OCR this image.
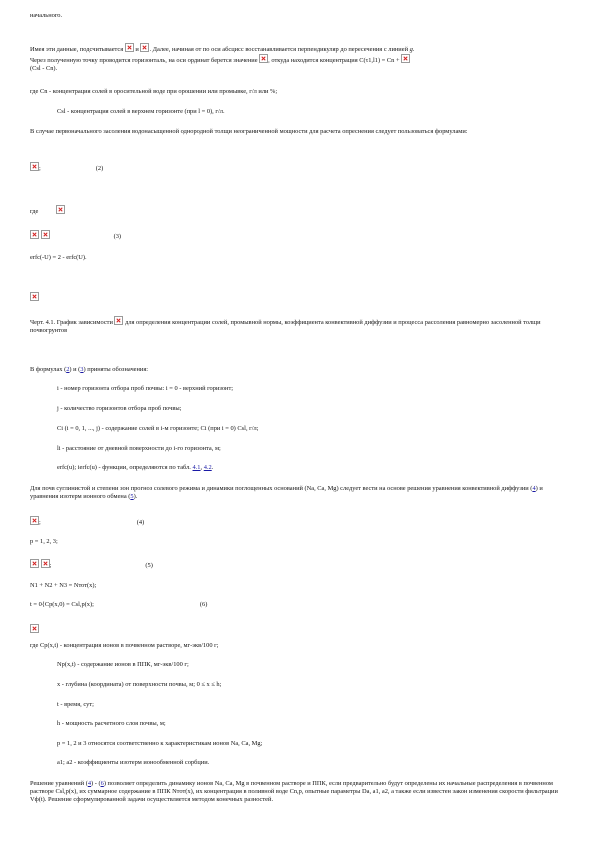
начального.
Имея эти данные, подсчитывается  и . Далее, начиная от по оси абсцисс восстанавливается перпендикуляр до пересечения с линией g.
Через полученную точку проводится горизонталь, на оси ординат берется значение , откуда находится концентрация C(τ1,l1) = Cn +
(Csl - Cn).
где Cn - концентрация солей в оросительной воде при орошении или промывке, г/л или %;
Csl - концентрация солей в верхнем горизонте (при l = 0), г/л.
В случае первоначального засоления водонасыщенной однородной толщи неограниченной мощности для расчета опреснения следует пользоваться формулами:
;	(2)
где
(3)
erfc(-U) = 2 - erfc(U).
Черт. 4.1. График зависимости  для определения концентрации солей, промывной нормы, коэффициента конвективной диффузии и процесса рассоления равномерно засоленной толщи почвогрунтов
В формулах (2) и (3) приняты обозначения:
i - номер горизонта отбора проб почвы: i = 0 - верхний горизонт;
j - количество горизонтов отбора проб почвы;
Ci (i = 0, 1, ..., j) - содержание солей в i-м горизонте; Ci (при i = 0) Csl, г/л;
li - расстояние от дневной поверхности до i-го горизонта, м;
erfc(u); ierfc(u) - функции, определяются по табл. 4.1, 4.2.
Для почв суглинистой и степени зон прогноз солевого режима и динамики поглощенных оснований (Na, Ca, Mg) следует вести на основе решения уравнения конвективной диффузии (4) и уравнения изотерм ионного обмена (5).
;	(4)
p = 1, 2, 3;
;	(5)
N1 + N2 + N3 = Nтот(x);
t = 0{Cp(x,0) = Csl,p(x);	(6)
где Cp(x,t) - концентрация ионов в почвенном растворе, мг-экв/100 г;
Np(x,t) - содержание ионов в ППК, мг-экв/100 г;
x - глубина (координата) от поверхности почвы, м; 0 ≤ x ≤ h;
t - время, сут;
h - мощность расчетного слоя почвы, м;
p = 1, 2 и 3 относятся соответственно к характеристикам ионов Na, Ca, Mg;
a1; a2 - коэффициенты изотерм ионообменной сорбции.
Решение уравнений (4) - (6) позволяет определить динамику ионов Na, Ca, Mg в почвенном растворе и ППК, если предварительно будут определены их начальные распределения в почвенном растворе Csl,p(x), их суммарное содержание в ППК Nтот(x), их концентрация в поливной воде Cn,p, опытные параметры Da, a1, a2, а также если известен закон изменения скорости фильтрации Vф(t). Решение сформулированной задачи осуществляется методом конечных разностей.
